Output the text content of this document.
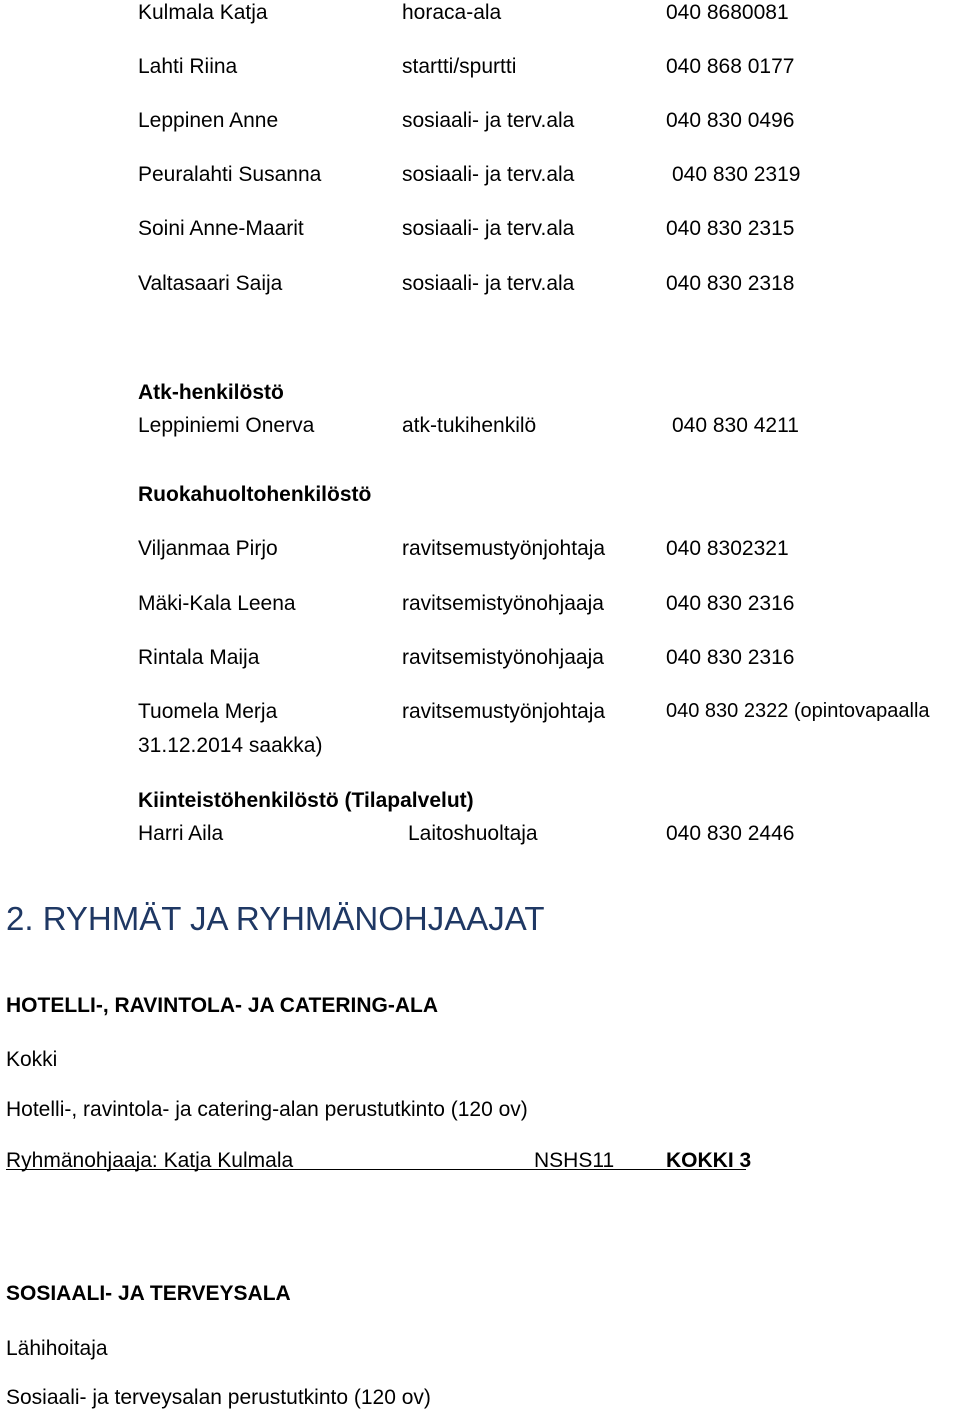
Kulmala Katja	horaca-ala	040 8680081
Lahti Riina	startti/spurtti	040 868 0177
Leppinen Anne	sosiaali- ja terv.ala	040 830 0496
Peuralahti Susanna	sosiaali- ja terv.ala	040 830 2319
Soini Anne-Maarit	sosiaali- ja terv.ala	040 830 2315
Valtasaari Saija	sosiaali- ja terv.ala	040 830 2318
Atk-henkilöstö
Leppiniemi Onerva	atk-tukihenkilö	040 830 4211
Ruokahuoltohenkilöstö
Viljanmaa Pirjo	ravitsemustyönjohtaja	040 8302321
Mäki-Kala Leena	ravitsemistyönohjaaja	040 830 2316
Rintala Maija	ravitsemistyönohjaaja	040 830 2316
Tuomela Merja	ravitsemustyönjohtaja	040 830 2322 (opintovapaalla
31.12.2014 saakka)
Kiinteistöhenkilöstö (Tilapalvelut)
Harri Aila	Laitoshuoltaja	040 830 2446
2. RYHMÄT JA RYHMÄNOHJAAJAT
HOTELLI-, RAVINTOLA- JA CATERING-ALA
Kokki
Hotelli-, ravintola- ja catering-alan perustutkinto (120 ov)
Ryhmänohjaaja: Katja Kulmala	NSHS11 KOKKI 3
SOSIAALI- JA TERVEYSALA
Lähihoitaja
Sosiaali- ja terveysalan perustutkinto (120 ov)
